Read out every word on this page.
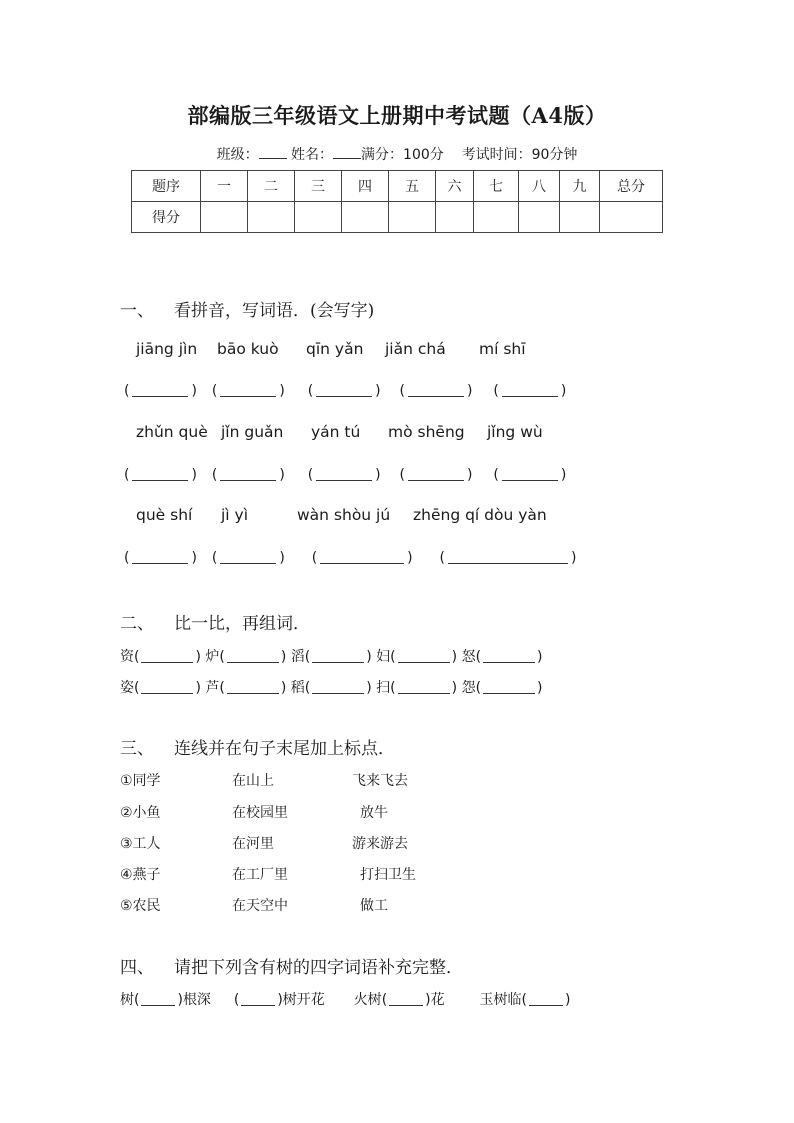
部编版三年级语文上册期中考试题（A4版）
班级： 姓名： 满分：100分 考试时间：90分钟
题序	一	二	三	四	五	六	七	八	九	总分
得分										
一、 看拼音，写词语．(会写字)
jiāng jìn bāo kuò qīn yǎn jiǎn chá mí shī
(	) (	) (	) (	) (	)
zhǔn què jǐn guǎn yán tú mò shēng jǐng wù
(	) (	) (	) (	) (	)
què shí jì yì	wàn shòu jú zhēng qí dòu yàn
(	) (	) (	) (	)
二、 比一比，再组词．
资(	) 炉(	) 滔(	) 妇(	) 怒(	)
姿(	) 芦(	) 稻(	) 扫(	) 怨(	)
三、 连线并在句子末尾加上标点．
①同学	在山上	飞来飞去
②小鱼	在校园里	放牛
③工人	在河里	游来游去
④燕子	在工厂里	打扫卫生
⑤农民	在天空中	做工
四、 请把下列含有树的四字词语补充完整．
树(	)根深 (	)树开花 火树(	)花 玉树临(	)
